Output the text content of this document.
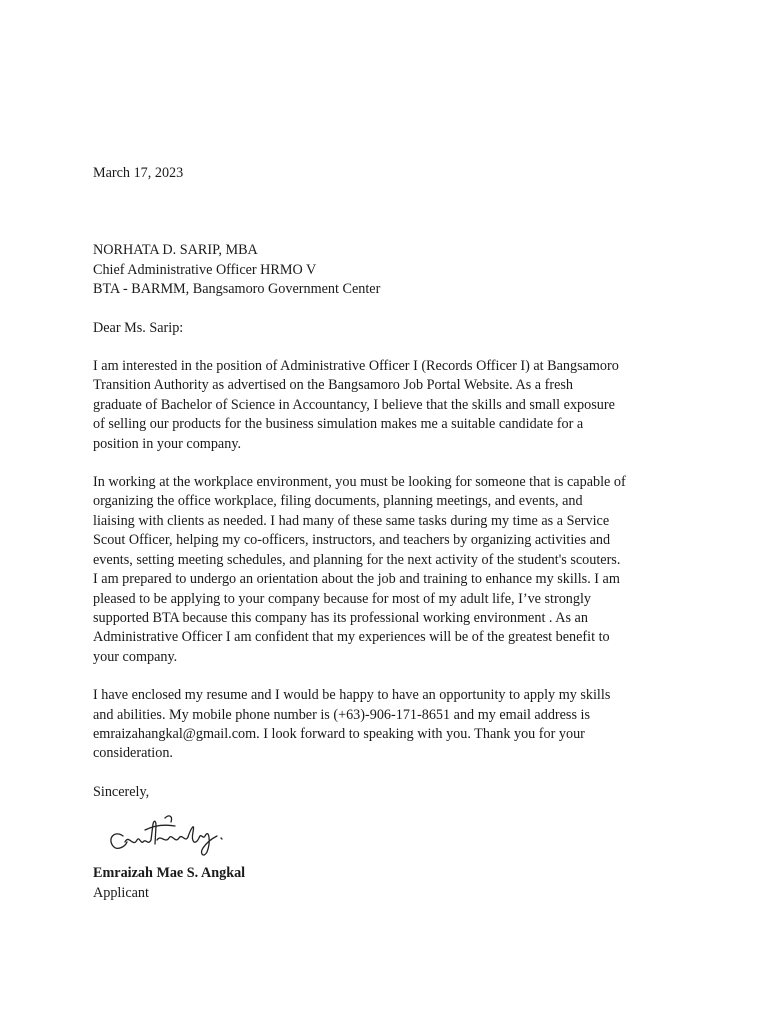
March 17, 2023
NORHATA D. SARIP, MBA
Chief Administrative Officer HRMO V
BTA - BARMM, Bangsamoro Government Center
Dear Ms. Sarip:
I am interested in the position of Administrative Officer I (Records Officer I) at Bangsamoro
Transition Authority as advertised on the Bangsamoro Job Portal Website. As a fresh
graduate of Bachelor of Science in Accountancy, I believe that the skills and small exposure
of selling our products for the business simulation makes me a suitable candidate for a
position in your company.
In working at the workplace environment, you must be looking for someone that is capable of
organizing the office workplace, filing documents, planning meetings, and events, and
liaising with clients as needed. I had many of these same tasks during my time as a Service
Scout Officer, helping my co-officers, instructors, and teachers by organizing activities and
events, setting meeting schedules, and planning for the next activity of the student's scouters.
I am prepared to undergo an orientation about the job and training to enhance my skills. I am
pleased to be applying to your company because for most of my adult life, I’ve strongly
supported BTA because this company has its professional working environment . As an
Administrative Officer I am confident that my experiences will be of the greatest benefit to
your company.
I have enclosed my resume and I would be happy to have an opportunity to apply my skills
and abilities. My mobile phone number is (+63)-906-171-8651 and my email address is
emraizahangkal@gmail.com. I look forward to speaking with you. Thank you for your
consideration.
Sincerely,
Emraizah Mae S. Angkal
Applicant
